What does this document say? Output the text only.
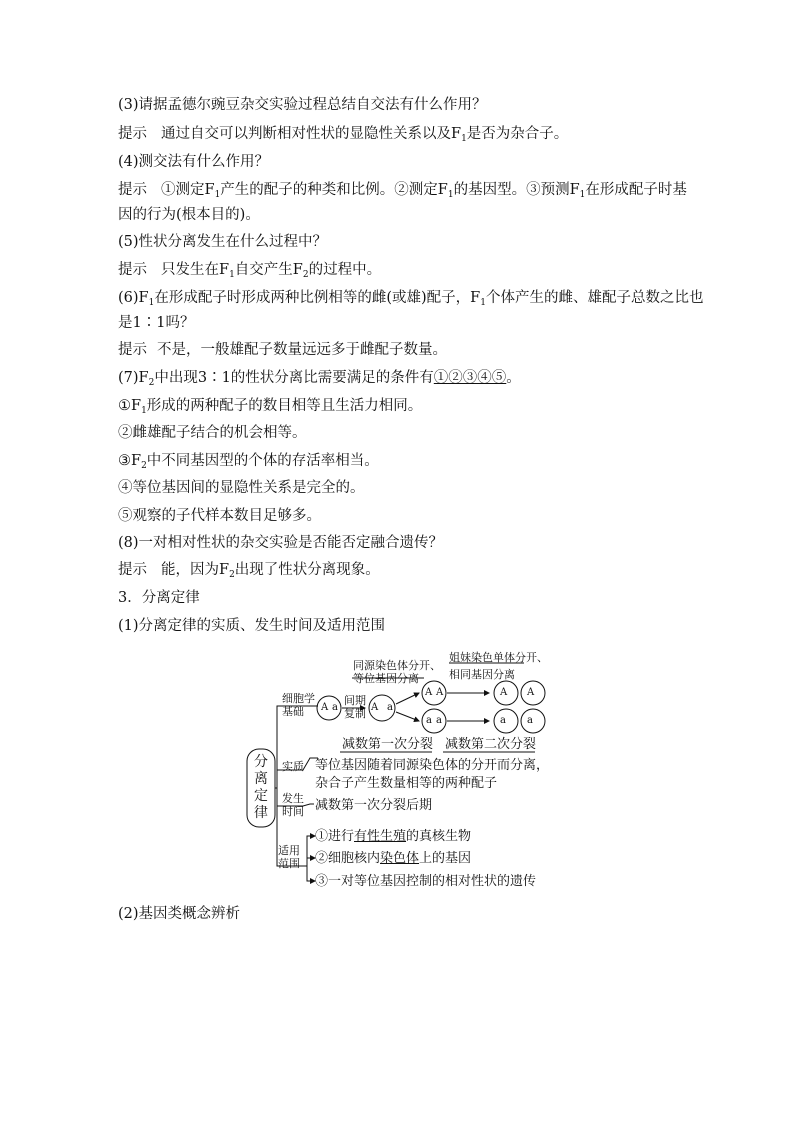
(3)请据孟德尔豌豆杂交实验过程总结自交法有什么作用？
提示 通过自交可以判断相对性状的显隐性关系以及$F_1$是否为杂合子。
(4)测交法有什么作用？
提示 ①测定$F_1$产生的配子的种类和比例。②测定$F_1$的基因型。③预测$F_1$在形成配子时基
因的行为(根本目的)。
(5)性状分离发生在什么过程中？
提示 只发生在$F_1$自交产生$F_2$的过程中。
$(6)F_1$在形成配子时形成两种比例相等的雌(或雄)配子，$F_1$个体产生的雌、雄配子总数之比也
是1∶1吗？
提示 不是，一般雄配子数量远远多于雌配子数量。
$(7)F_2$中出现3∶1的性状分离比需要满足的条件有①②③④⑤。
$①F_1$形成的两种配子的数目相等且生活力相同。
②雌雄配子结合的机会相等。
$③F_2$中不同基因型的个体的存活率相当。
④等位基因间的显隐性关系是完全的。
⑤观察的子代样本数目足够多。
(8)一对相对性状的杂交实验是否能否定融合遗传？
提示 能，因为$F_2$出现了性状分离现象。
3．分离定律
(1)分离定律的实质、发生时间及适用范围
分
离
定
律
细胞学
基础
实质
发生
时间
适用
范围
间期
复制
同源染色体分开、
等位基因分离
姐妹染色单体分开、
相同基因分离
A a	A a
A A
a a
A A
a a
减数第一次分裂 减数第二次分裂
等位基因随着同源染色体的分开而分离，
杂合子产生数量相等的两种配子
减数第一次分裂后期
①进行有性生殖的真核生物
②细胞核内染色体上的基因
③一对等位基因控制的相对性状的遗传
(2)基因类概念辨析
